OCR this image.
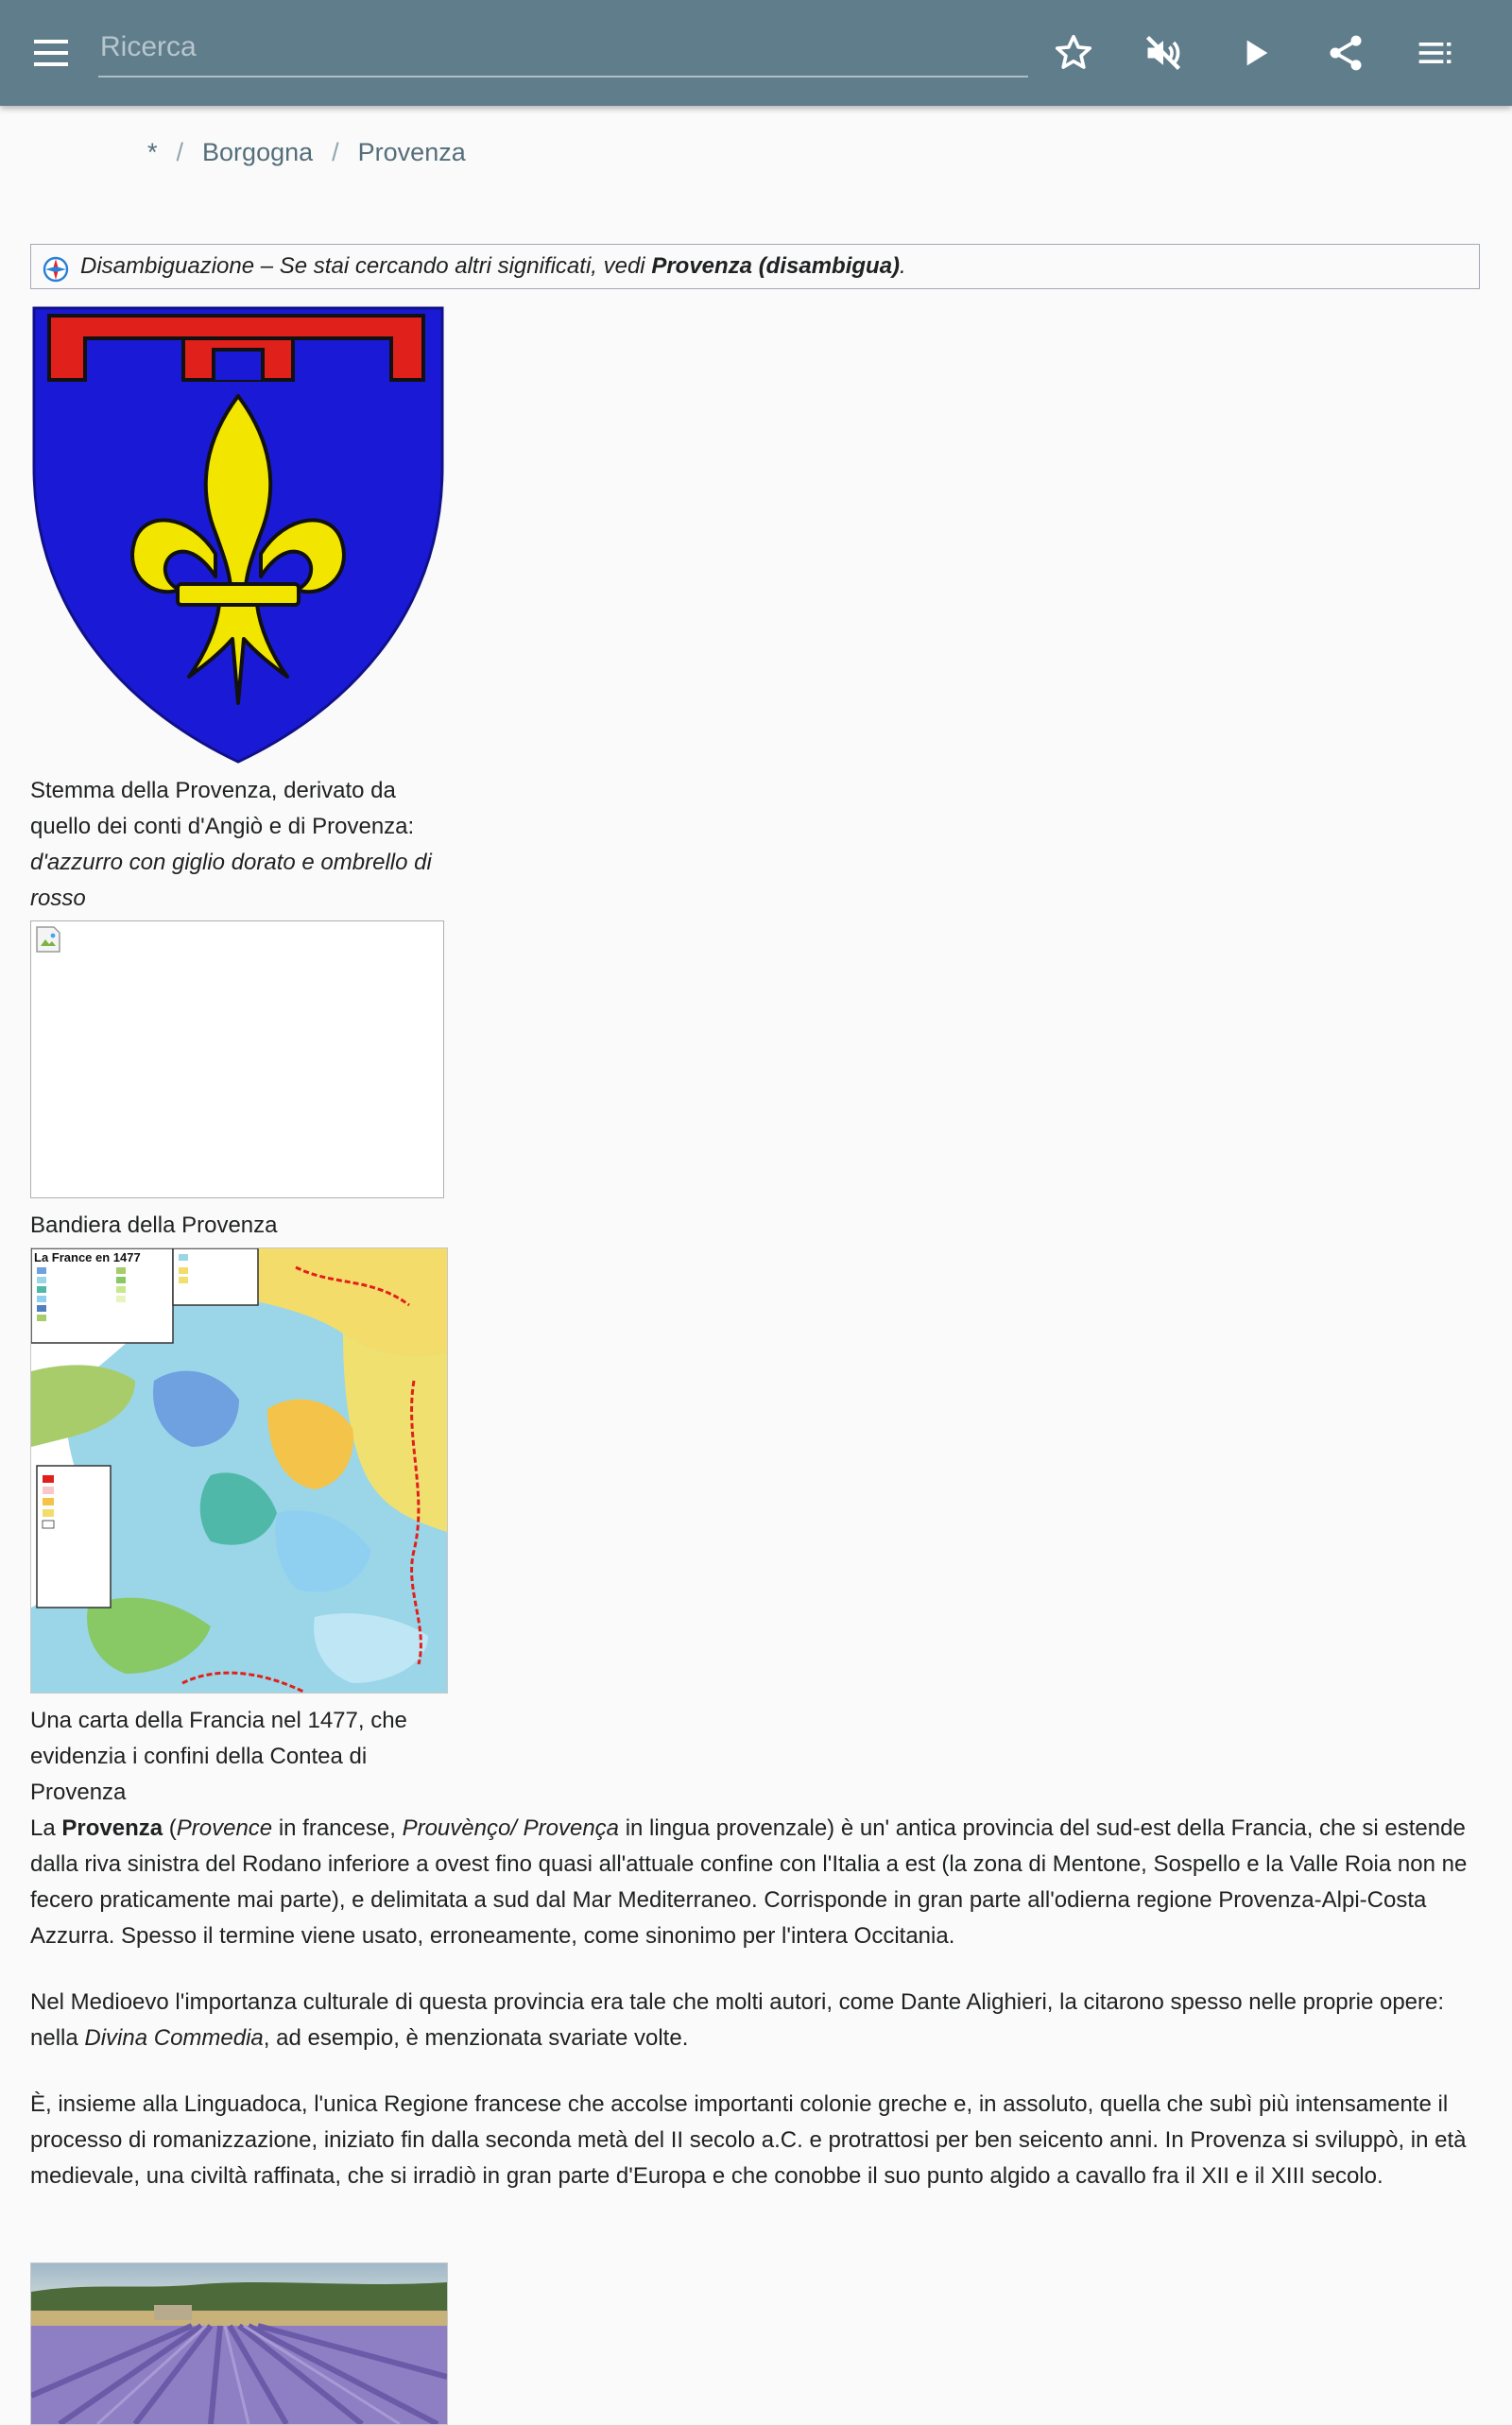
Ricerca
* / Borgogna / Provenza
Disambiguazione – Se stai cercando altri significati, vedi Provenza (disambigua).
Stemma della Provenza, derivato da quello dei conti d'Angiò e di Provenza: d'azzurro con giglio dorato e ombrello di rosso
Bandiera della Provenza
La France en 1477
Una carta della Francia nel 1477, che evidenzia i confini della Contea di Provenza

La Provenza (Provence in francese, Prouvènço/ Provença in lingua provenzale) è un' antica provincia del sud-est della Francia, che si estende dalla riva sinistra del Rodano inferiore a ovest fino quasi all'attuale confine con l'Italia a est (la zona di Mentone, Sospello e la Valle Roia non ne fecero praticamente mai parte), e delimitata a sud dal Mar Mediterraneo. Corrisponde in gran parte all'odierna regione Provenza-Alpi-Costa Azzurra. Spesso il termine viene usato, erroneamente, come sinonimo per l'intera Occitania.

Nel Medioevo l'importanza culturale di questa provincia era tale che molti autori, come Dante Alighieri, la citarono spesso nelle proprie opere: nella Divina Commedia, ad esempio, è menzionata svariate volte.

È, insieme alla Linguadoca, l'unica Regione francese che accolse importanti colonie greche e, in assoluto, quella che subì più intensamente il processo di romanizzazione, iniziato fin dalla seconda metà del II secolo a.C. e protrattosi per ben seicento anni. In Provenza si sviluppò, in età medievale, una civiltà raffinata, che si irradiò in gran parte d'Europa e che conobbe il suo punto algido a cavallo fra il XII e il XIII secolo.
